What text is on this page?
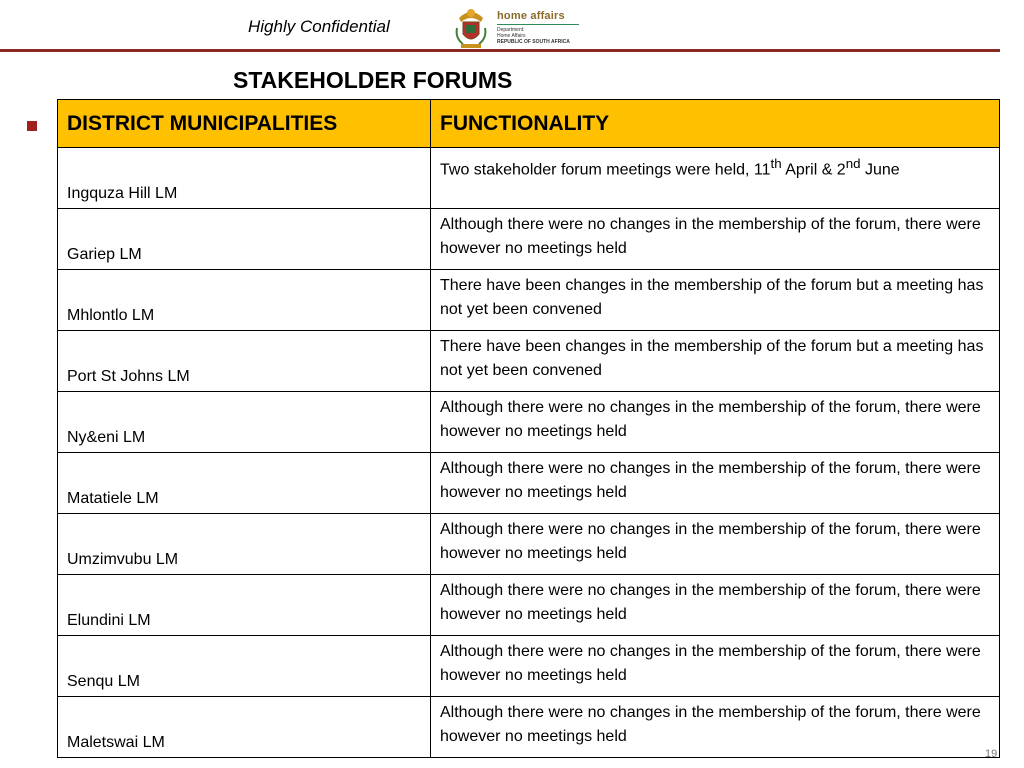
Highly Confidential
home affairs
Department:
Home Affairs
REPUBLIC OF SOUTH AFRICA
STAKEHOLDER FORUMS
DISTRICT MUNICIPALITIES	FUNCTIONALITY
Ingquza Hill LM	Two stakeholder forum meetings were held, 11th April & 2nd June
Gariep LM	Although there were no changes in the membership of the forum, there were however no meetings held
Mhlontlo LM	There have been changes in the membership of the forum but a meeting has not yet been convened
Port St Johns LM	There have been changes in the membership of the forum but a meeting has not yet been convened
Ny&eni LM	Although there were no changes in the membership of the forum, there were however no meetings held
Matatiele LM	Although there were no changes in the membership of the forum, there were however no meetings held
Umzimvubu LM	Although there were no changes in the membership of the forum, there were however no meetings held
Elundini LM	Although there were no changes in the membership of the forum, there were however no meetings held
Senqu LM	Although there were no changes in the membership of the forum, there were however no meetings held
Maletswai LM	Although there were no changes in the membership of the forum, there were however no meetings held
19
